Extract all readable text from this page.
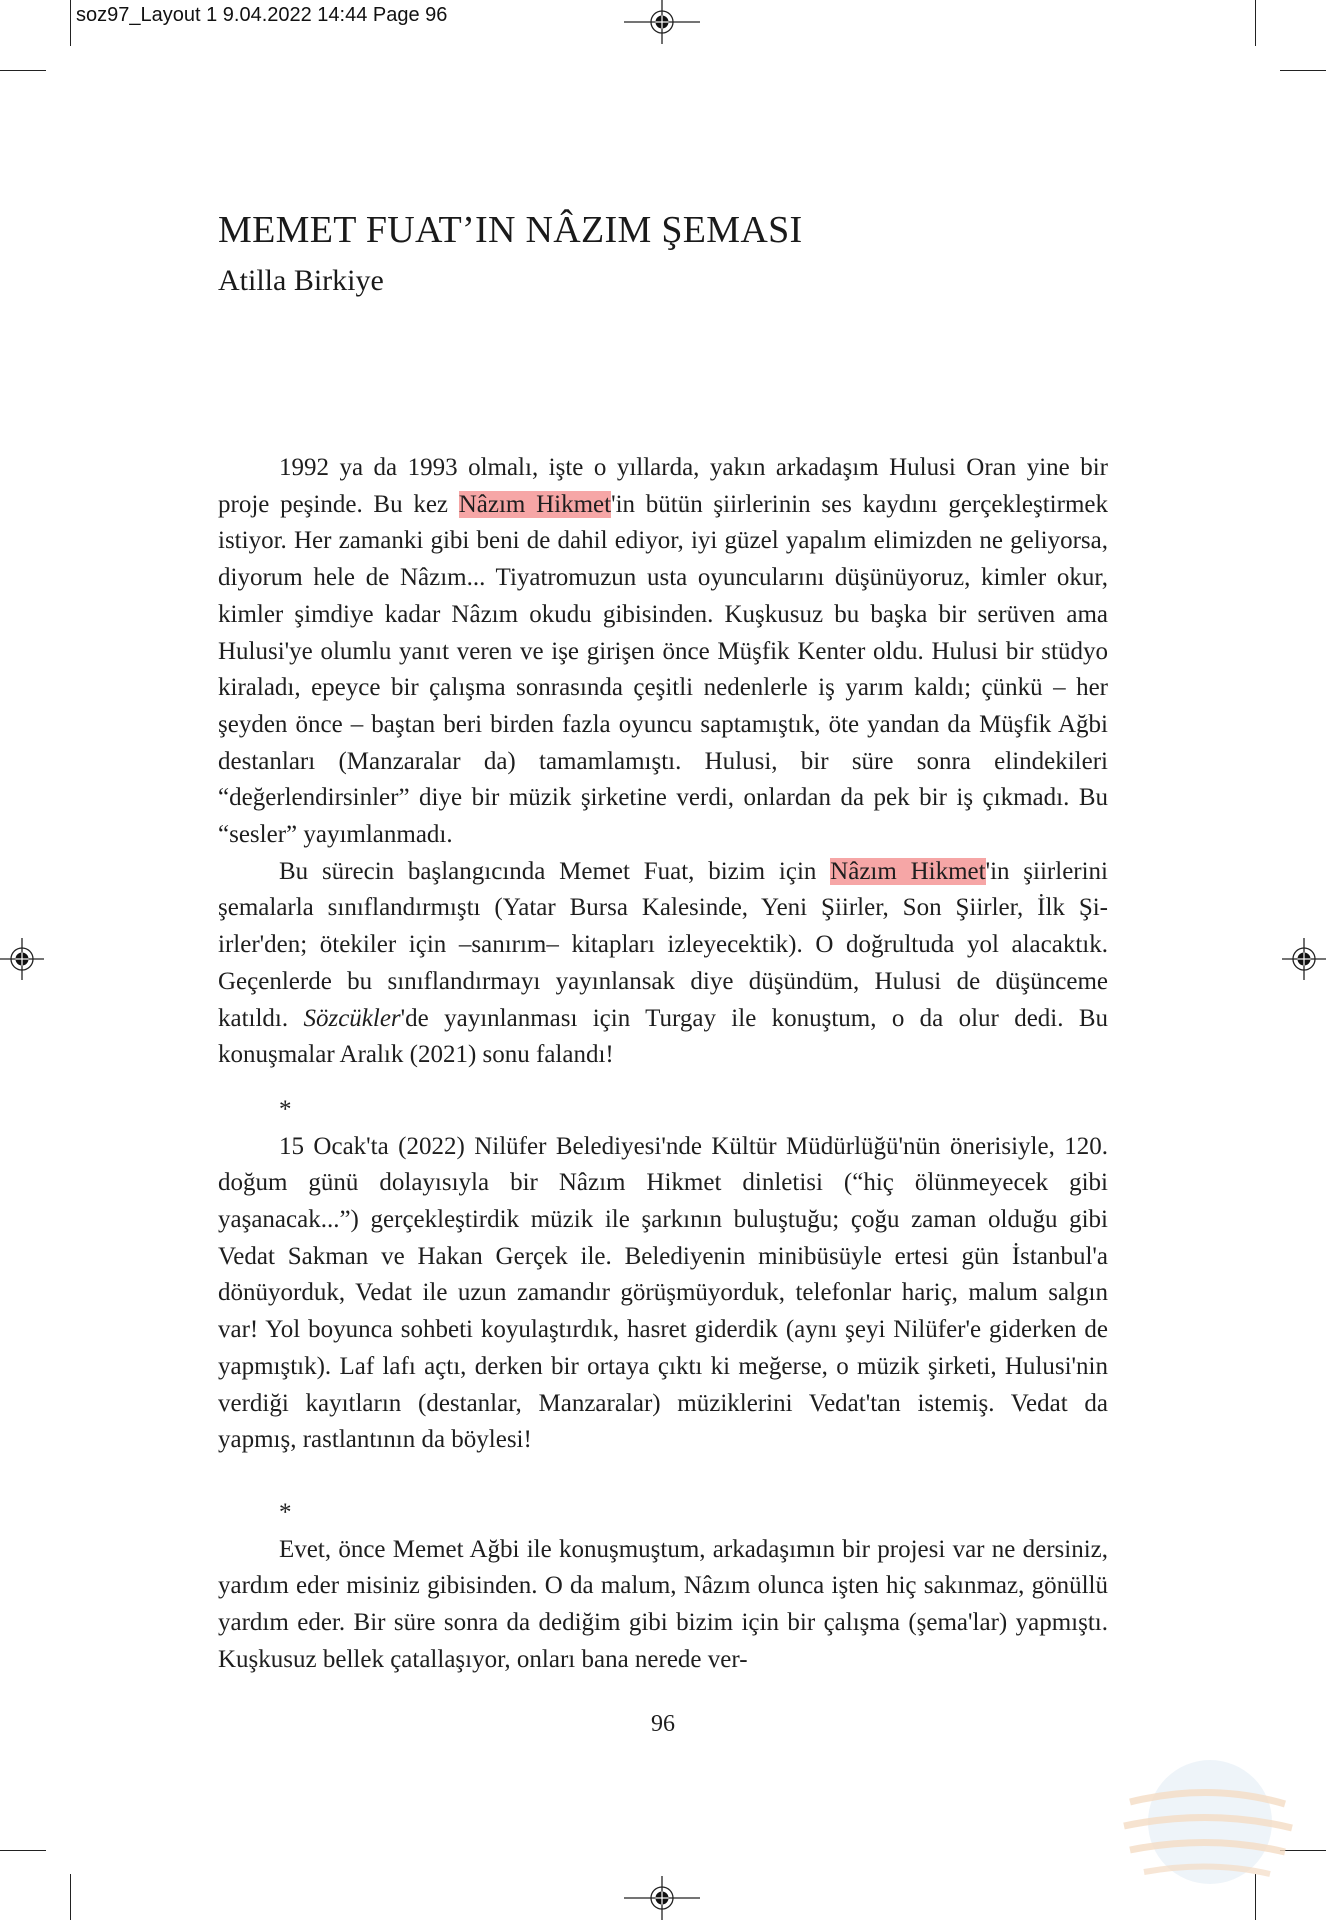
soz97_Layout 1 9.04.2022 14:44 Page 96
MEMET FUAT’IN NÂZIM ŞEMASI
Atilla Birkiye

1992 ya da 1993 olmalı, işte o yıllarda, yakın arkadaşım Hulusi Oran yine bir proje peşinde. Bu kez Nâzım Hikmet'in bütün şiirlerinin ses kaydını gerçekleştirmek istiyor. Her zamanki gibi beni de dahil ediyor, iyi güzel yapalım elimizden ne geliyorsa, diyorum hele de Nâzım... Tiyatromuzun usta oyuncularını düşünüyoruz, kimler okur, kimler şimdiye kadar Nâzım okudu gibisinden. Kuşkusuz bu başka bir serüven ama Hulusi'ye olumlu yanıt veren ve işe girişen önce Müşfik Kenter oldu. Hulusi bir stüdyo kiraladı, epeyce bir çalışma sonrasında çeşitli nedenlerle iş yarım kaldı; çünkü – her şeyden önce – baştan beri birden fazla oyuncu saptamıştık, öte yandan da Müşfik Ağbi destanları (Manzaralar da) tamamlamıştı. Hulusi, bir süre sonra elindekileri “değerlendirsinler” diye bir müzik şirketine verdi, onlardan da pek bir iş çıkmadı. Bu “sesler” yayımlanmadı.

Bu sürecin başlangıcında Memet Fuat, bizim için Nâzım Hikmet'in şiirlerini şemalarla sınıflandırmıştı (Yatar Bursa Kalesinde, Yeni Şiirler, Son Şiirler, İlk Şiirler'den; ötekiler için –sanırım– kitapları izleyecektik). O doğrultuda yol alacaktık. Geçenlerde bu sınıflandırmayı yayınlansak diye düşündüm, Hulusi de düşünceme katıldı. Sözcükler'de yayınlanması için Turgay ile konuştum, o da olur dedi. Bu konuşmalar Aralık (2021) sonu falandı!

*

15 Ocak'ta (2022) Nilüfer Belediyesi'nde Kültür Müdürlüğü'nün önerisiyle, 120. doğum günü dolayısıyla bir Nâzım Hikmet dinletisi (“hiç ölünmeyecek gibi yaşanacak...”) gerçekleştirdik müzik ile şarkının buluştuğu; çoğu zaman olduğu gibi Vedat Sakman ve Hakan Gerçek ile. Belediyenin minibüsüyle ertesi gün İstanbul'a dönüyorduk, Vedat ile uzun zamandır görüşmüyorduk, telefonlar hariç, malum salgın var! Yol boyunca sohbeti koyulaştırdık, hasret giderdik (aynı şeyi Nilüfer'e giderken de yapmıştık). Laf lafı açtı, derken bir ortaya çıktı ki meğerse, o müzik şirketi, Hulusi'nin verdiği kayıtların (destanlar, Manzaralar) müziklerini Vedat'tan istemiş. Vedat da yapmış, rastlantının da böylesi!

*

Evet, önce Memet Ağbi ile konuşmuştum, arkadaşımın bir projesi var ne dersiniz, yardım eder misiniz gibisinden. O da malum, Nâzım olunca işten hiç sakınmaz, gönüllü yardım eder. Bir süre sonra da dediğim gibi bizim için bir çalışma (şema'lar) yapmıştı. Kuşkusuz bellek çatallaşıyor, onları bana nerede ver-

96
